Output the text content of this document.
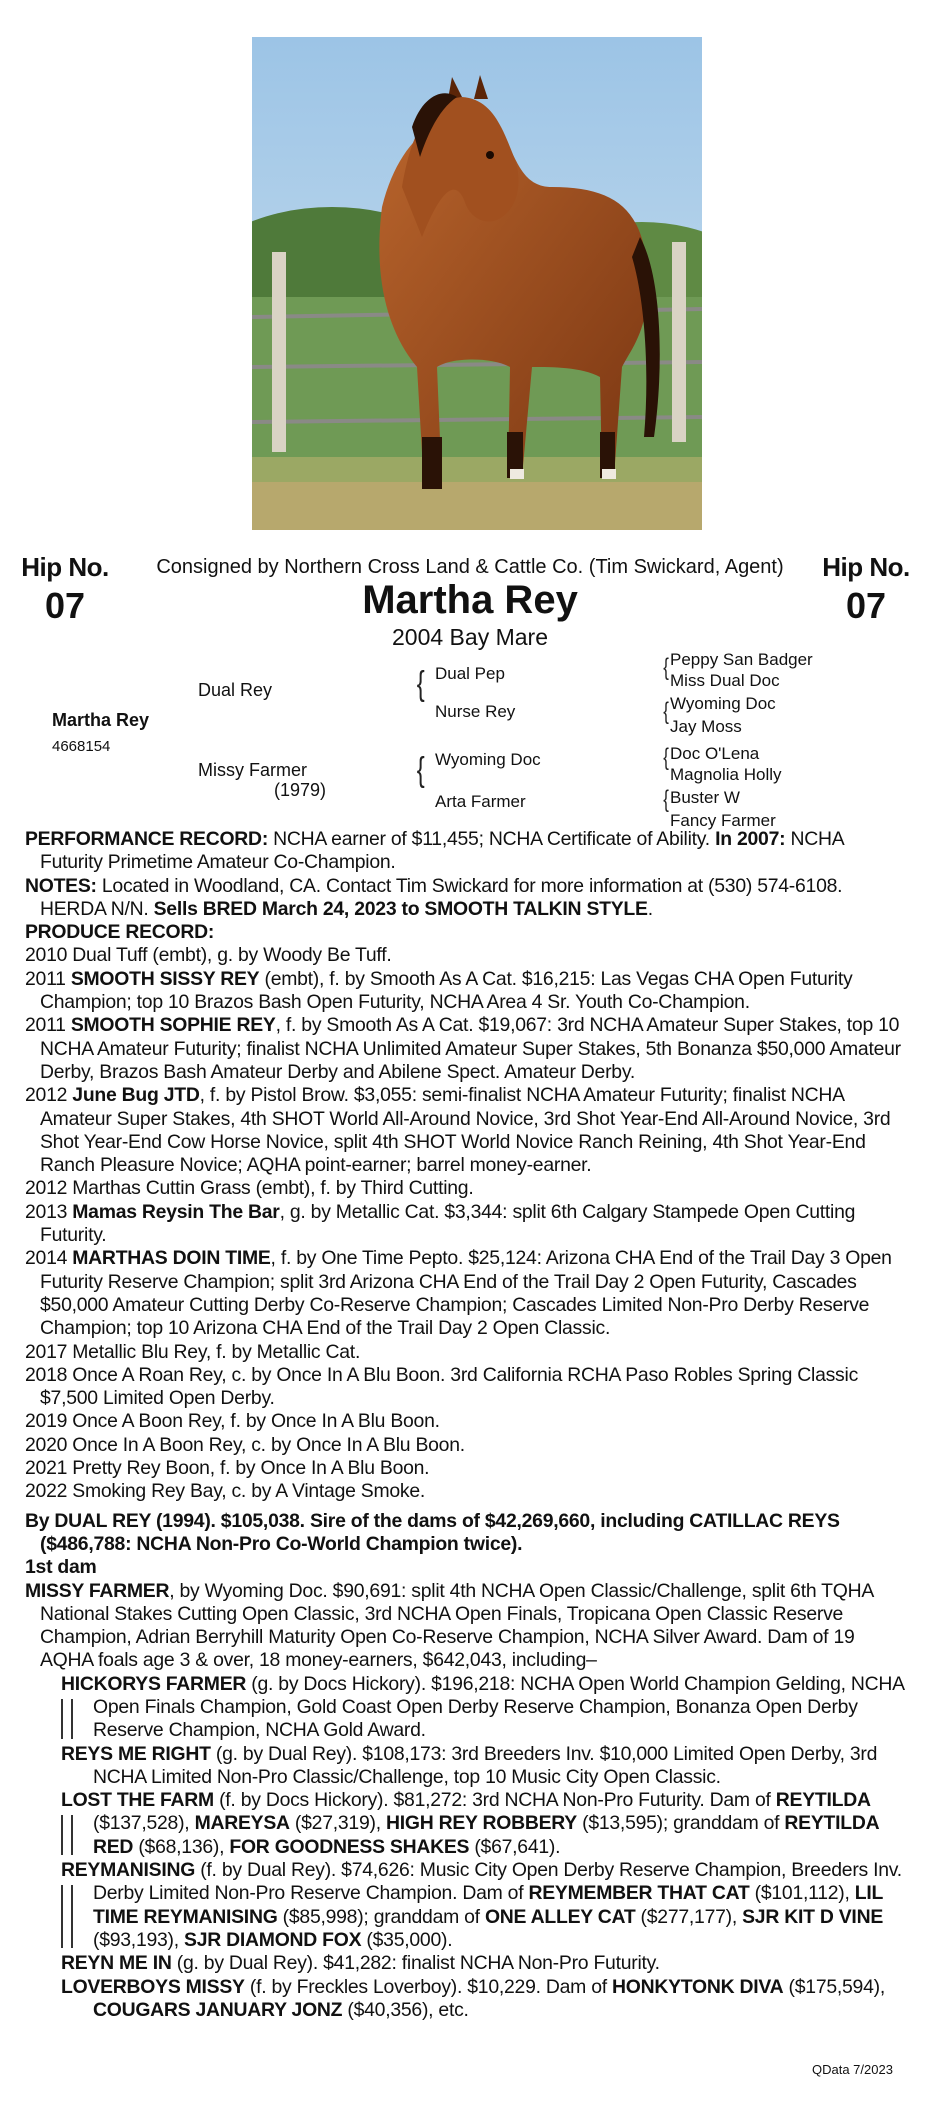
Hip No.
07
Hip No.
07
Consigned by Northern Cross Land & Cattle Co. (Tim Swickard, Agent)
Martha Rey
2004 Bay Mare
Martha Rey
4668154
Dual Rey
Missy Farmer
(1979)
{
{
Dual Pep
Nurse Rey
Wyoming Doc
Arta Farmer
{
{
{
{
Peppy San Badger
Miss Dual Doc
Wyoming Doc
Jay Moss
Doc O'Lena
Magnolia Holly
Buster W
Fancy Farmer

PERFORMANCE RECORD: NCHA earner of $11,455; NCHA Certificate of Ability. In 2007: NCHA Futurity Primetime Amateur Co-Champion.

NOTES: Located in Woodland, CA. Contact Tim Swickard for more information at (530) 574-6108. HERDA N/N. Sells BRED March 24, 2023 to SMOOTH TALKIN STYLE.

PRODUCE RECORD:

2010 Dual Tuff (embt), g. by Woody Be Tuff.

2011 SMOOTH SISSY REY (embt), f. by Smooth As A Cat. $16,215: Las Vegas CHA Open Futurity Champion; top 10 Brazos Bash Open Futurity, NCHA Area 4 Sr. Youth Co-Champion.

2011 SMOOTH SOPHIE REY, f. by Smooth As A Cat. $19,067: 3rd NCHA Amateur Super Stakes, top 10 NCHA Amateur Futurity; finalist NCHA Unlimited Amateur Super Stakes, 5th Bonanza $50,000 Amateur Derby, Brazos Bash Amateur Derby and Abilene Spect. Amateur Derby.

2012 June Bug JTD, f. by Pistol Brow. $3,055: semi-finalist NCHA Amateur Futurity; finalist NCHA Amateur Super Stakes, 4th SHOT World All-Around Novice, 3rd Shot Year-End All-Around Novice, 3rd Shot Year-End Cow Horse Novice, split 4th SHOT World Novice Ranch Reining, 4th Shot Year-End Ranch Pleasure Novice; AQHA point-earner; barrel money-earner.

2012 Marthas Cuttin Grass (embt), f. by Third Cutting.

2013 Mamas Reysin The Bar, g. by Metallic Cat. $3,344: split 6th Calgary Stampede Open Cutting Futurity.

2014 MARTHAS DOIN TIME, f. by One Time Pepto. $25,124: Arizona CHA End of the Trail Day 3 Open Futurity Reserve Champion; split 3rd Arizona CHA End of the Trail Day 2 Open Futurity, Cascades $50,000 Amateur Cutting Derby Co-Reserve Champion; Cascades Limited Non-Pro Derby Reserve Champion; top 10 Arizona CHA End of the Trail Day 2 Open Classic.

2017 Metallic Blu Rey, f. by Metallic Cat.

2018 Once A Roan Rey, c. by Once In A Blu Boon. 3rd California RCHA Paso Robles Spring Classic $7,500 Limited Open Derby.

2019 Once A Boon Rey, f. by Once In A Blu Boon.

2020 Once In A Boon Rey, c. by Once In A Blu Boon.

2021 Pretty Rey Boon, f. by Once In A Blu Boon.

2022 Smoking Rey Bay, c. by A Vintage Smoke.

By DUAL REY (1994). $105,038. Sire of the dams of $42,269,660, including CATILLAC REYS ($486,788: NCHA Non-Pro Co-World Champion twice).

1st dam

MISSY FARMER, by Wyoming Doc. $90,691: split 4th NCHA Open Classic/Challenge, split 6th TQHA National Stakes Cutting Open Classic, 3rd NCHA Open Finals, Tropicana Open Classic Reserve Champion, Adrian Berryhill Maturity Open Co-Reserve Champion, NCHA Silver Award. Dam of 19 AQHA foals age 3 & over, 18 money-earners, $642,043, including–

HICKORYS FARMER (g. by Docs Hickory). $196,218: NCHA Open World Champion Gelding, NCHA Open Finals Champion, Gold Coast Open Derby Reserve Champion, Bonanza Open Derby Reserve Champion, NCHA Gold Award.

REYS ME RIGHT (g. by Dual Rey). $108,173: 3rd Breeders Inv. $10,000 Limited Open Derby, 3rd NCHA Limited Non-Pro Classic/Challenge, top 10 Music City Open Classic.

LOST THE FARM (f. by Docs Hickory). $81,272: 3rd NCHA Non-Pro Futurity. Dam of REYTILDA ($137,528), MAREYSA ($27,319), HIGH REY ROBBERY ($13,595); granddam of REYTILDA RED ($68,136), FOR GOODNESS SHAKES ($67,641).

REYMANISING (f. by Dual Rey). $74,626: Music City Open Derby Reserve Champion, Breeders Inv. Derby Limited Non-Pro Reserve Champion. Dam of REYMEMBER THAT CAT ($101,112), LIL TIME REYMANISING ($85,998); granddam of ONE ALLEY CAT ($277,177), SJR KIT D VINE ($93,193), SJR DIAMOND FOX ($35,000).

REYN ME IN (g. by Dual Rey). $41,282: finalist NCHA Non-Pro Futurity.

LOVERBOYS MISSY (f. by Freckles Loverboy). $10,229. Dam of HONKYTONK DIVA ($175,594), COUGARS JANUARY JONZ ($40,356), etc.

QData 7/2023
